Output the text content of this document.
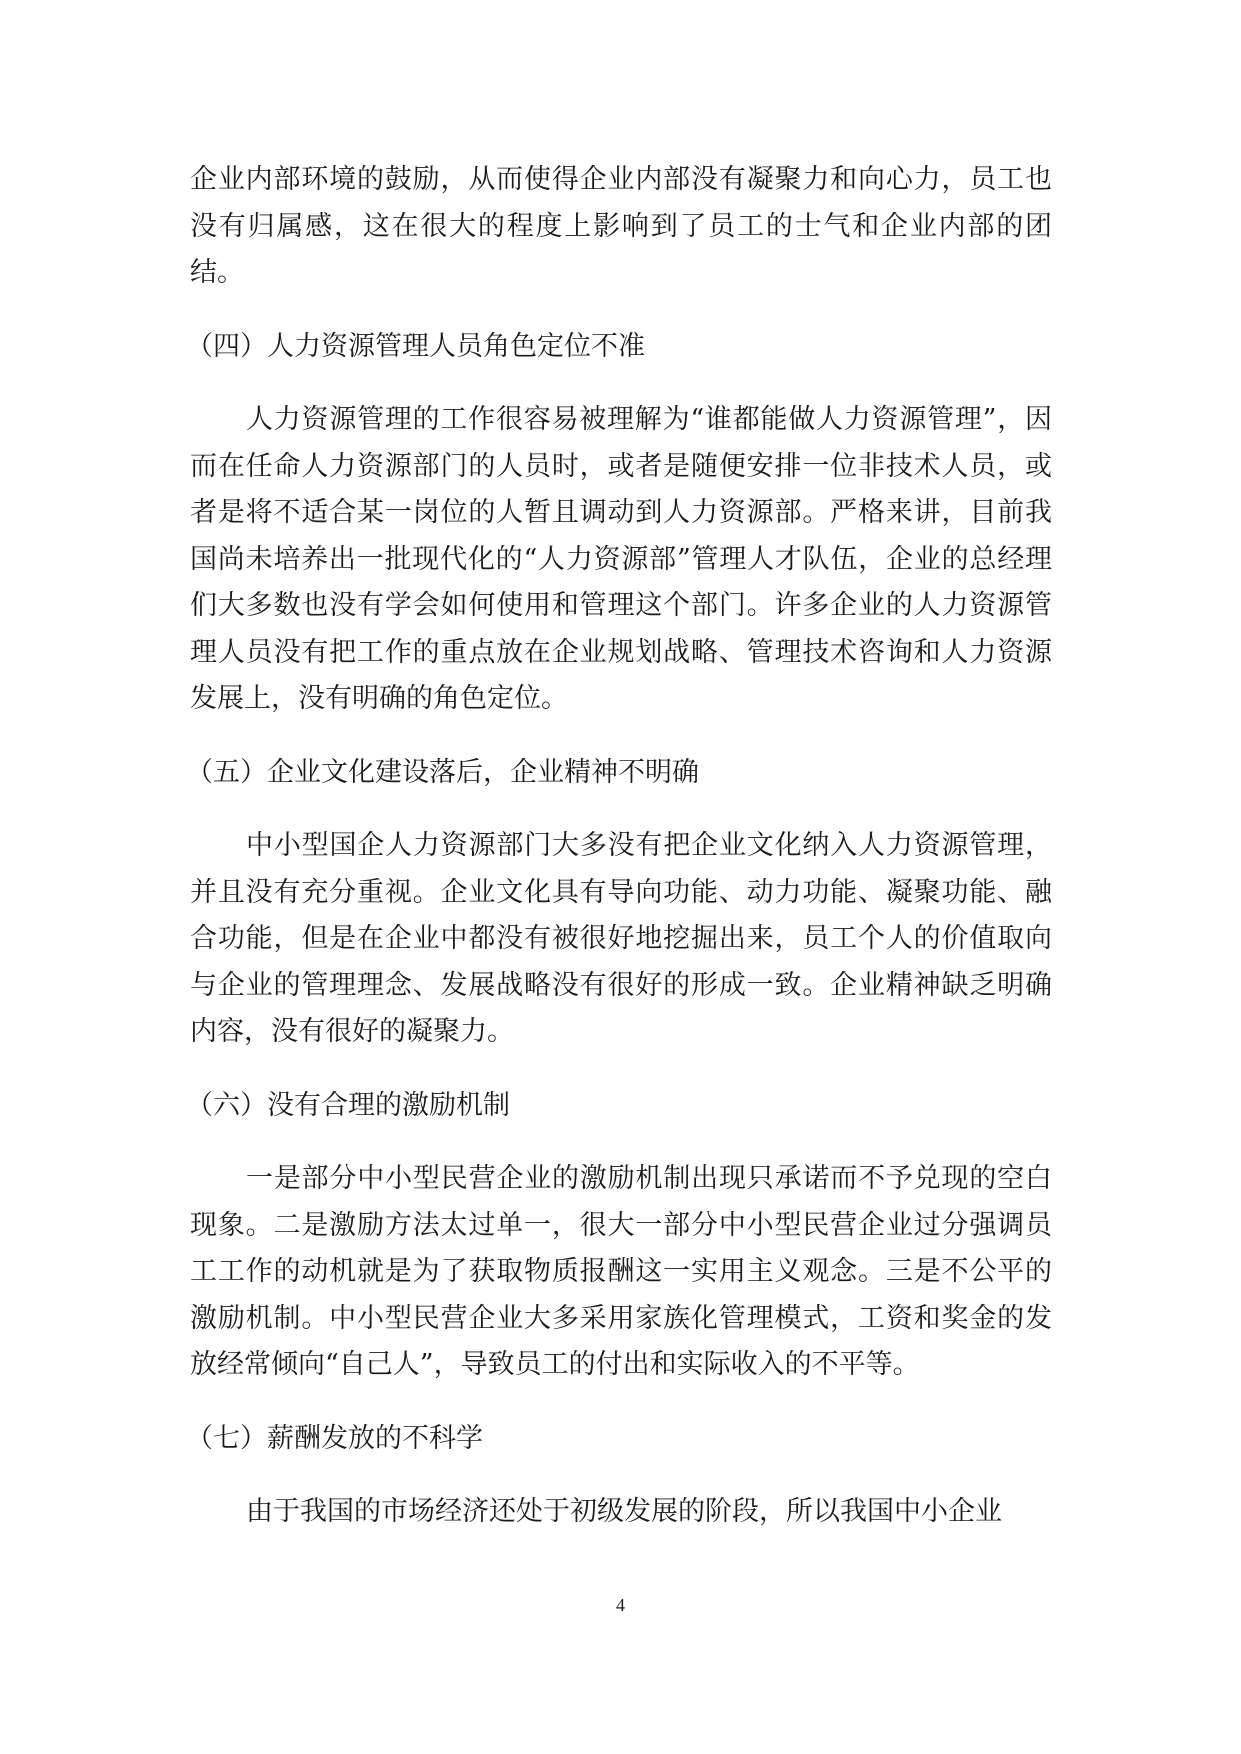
企业内部环境的鼓励，从而使得企业内部没有凝聚力和向心力，员工也没有归属感，这在很大的程度上影响到了员工的士气和企业内部的团结。

（四）人力资源管理人员角色定位不准

人力资源管理的工作很容易被理解为“谁都能做人力资源管理”，因而在任命人力资源部门的人员时，或者是随便安排一位非技术人员，或者是将不适合某一岗位的人暂且调动到人力资源部。严格来讲，目前我国尚未培养出一批现代化的“人力资源部”管理人才队伍，企业的总经理们大多数也没有学会如何使用和管理这个部门。许多企业的人力资源管理人员没有把工作的重点放在企业规划战略、管理技术咨询和人力资源发展上，没有明确的角色定位。

（五）企业文化建设落后，企业精神不明确

中小型国企人力资源部门大多没有把企业文化纳入人力资源管理，并且没有充分重视。企业文化具有导向功能、动力功能、凝聚功能、融合功能，但是在企业中都没有被很好地挖掘出来，员工个人的价值取向与企业的管理理念、发展战略没有很好的形成一致。企业精神缺乏明确内容，没有很好的凝聚力。

（六）没有合理的激励机制

一是部分中小型民营企业的激励机制出现只承诺而不予兑现的空白现象。二是激励方法太过单一，很大一部分中小型民营企业过分强调员工工作的动机就是为了获取物质报酬这一实用主义观念。三是不公平的激励机制。中小型民营企业大多采用家族化管理模式，工资和奖金的发放经常倾向“自己人”，导致员工的付出和实际收入的不平等。

（七）薪酬发放的不科学

由于我国的市场经济还处于初级发展的阶段，所以我国中小企业

4
